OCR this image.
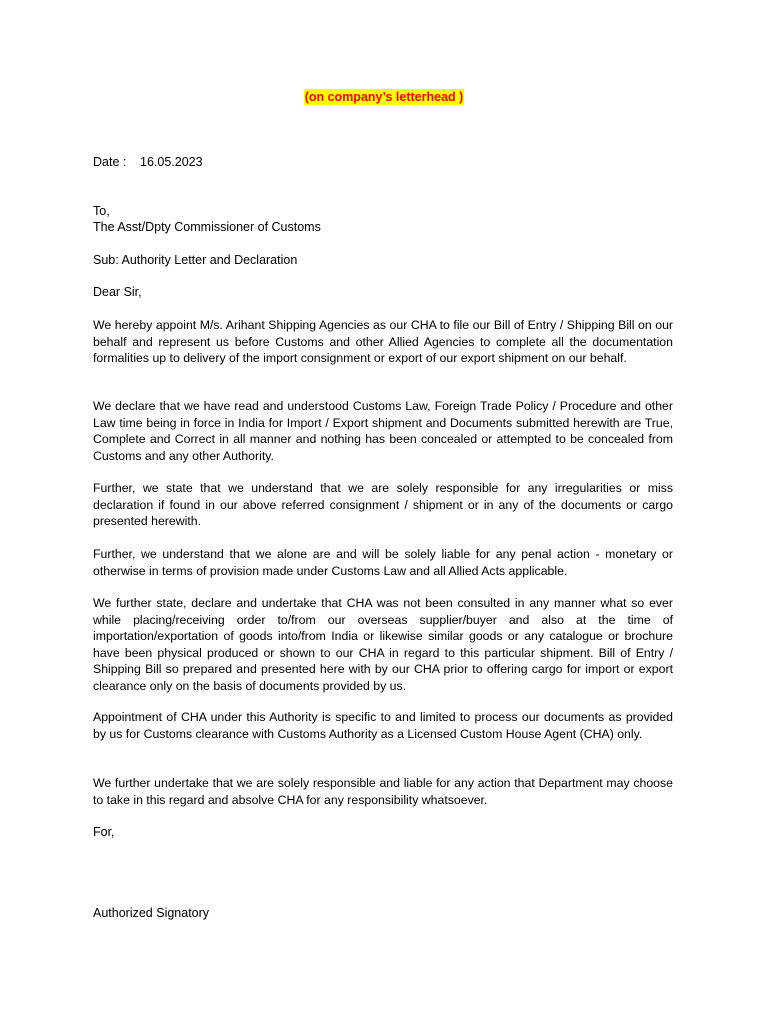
(on company’s letterhead )
Date : 16.05.2023
To,
The Asst/Dpty Commissioner of Customs
Sub: Authority Letter and Declaration
Dear Sir,
We hereby appoint M/s. Arihant Shipping Agencies as our CHA to file our Bill of Entry / Shipping Bill on our behalf and represent us before Customs and other Allied Agencies to complete all the documentation formalities up to delivery of the import consignment or export of our export shipment on our behalf.
We declare that we have read and understood Customs Law, Foreign Trade Policy / Procedure and other Law time being in force in India for Import / Export shipment and Documents submitted herewith are True, Complete and Correct in all manner and nothing has been concealed or attempted to be concealed from Customs and any other Authority.
Further, we state that we understand that we are solely responsible for any irregularities or miss declaration if found in our above referred consignment / shipment or in any of the documents or cargo presented herewith.
Further, we understand that we alone are and will be solely liable for any penal action - monetary or otherwise in terms of provision made under Customs Law and all Allied Acts applicable.
We further state, declare and undertake that CHA was not been consulted in any manner what so ever while placing/receiving order to/from our overseas supplier/buyer and also at the time of importation/exportation of goods into/from India or likewise similar goods or any catalogue or brochure have been physical produced or shown to our CHA in regard to this particular shipment. Bill of Entry / Shipping Bill so prepared and presented here with by our CHA prior to offering cargo for import or export clearance only on the basis of documents provided by us.
Appointment of CHA under this Authority is specific to and limited to process our documents as provided by us for Customs clearance with Customs Authority as a Licensed Custom House Agent (CHA) only.
We further undertake that we are solely responsible and liable for any action that Department may choose to take in this regard and absolve CHA for any responsibility whatsoever.
For,
Authorized Signatory
